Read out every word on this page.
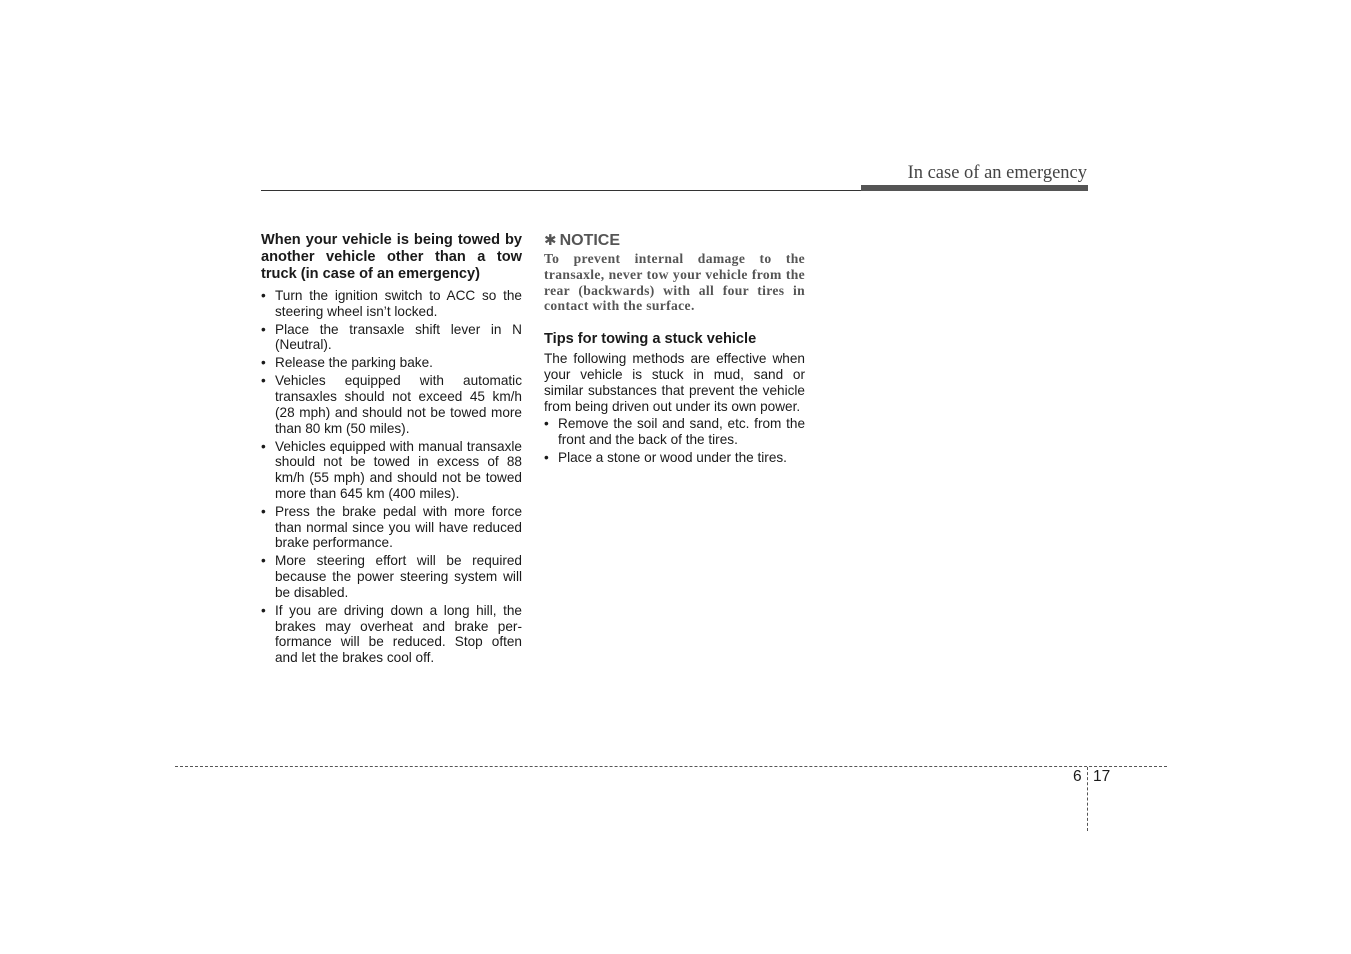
In case of an emergency

When your vehicle is being towed by another vehicle other than a tow truck (in case of an emergency)

• Turn the ignition switch to ACC so the steering wheel isn’t locked.
• Place the transaxle shift lever in N (Neutral).
• Release the parking bake.
• Vehicles equipped with automatic transaxles should not exceed 45 km/h (28 mph) and should not be towed more than 80 km (50 miles).
• Vehicles equipped with manual transaxle should not be towed in excess of 88 km/h (55 mph) and should not be towed more than 645 km (400 miles).
• Press the brake pedal with more force than normal since you will have reduced brake performance.
• More steering effort will be required because the power steering system will be disabled.
• If you are driving down a long hill, the brakes may overheat and brake per-formance will be reduced. Stop often and let the brakes cool off.
✱ NOTICE

To prevent internal damage to the transaxle, never tow your vehicle from the rear (backwards) with all four tires in contact with the surface.

Tips for towing a stuck vehicle

The following methods are effective when your vehicle is stuck in mud, sand or similar substances that prevent the vehicle from being driven out under its own power.

• Remove the soil and sand, etc. from the front and the back of the tires.
• Place a stone or wood under the tires.
6 17
